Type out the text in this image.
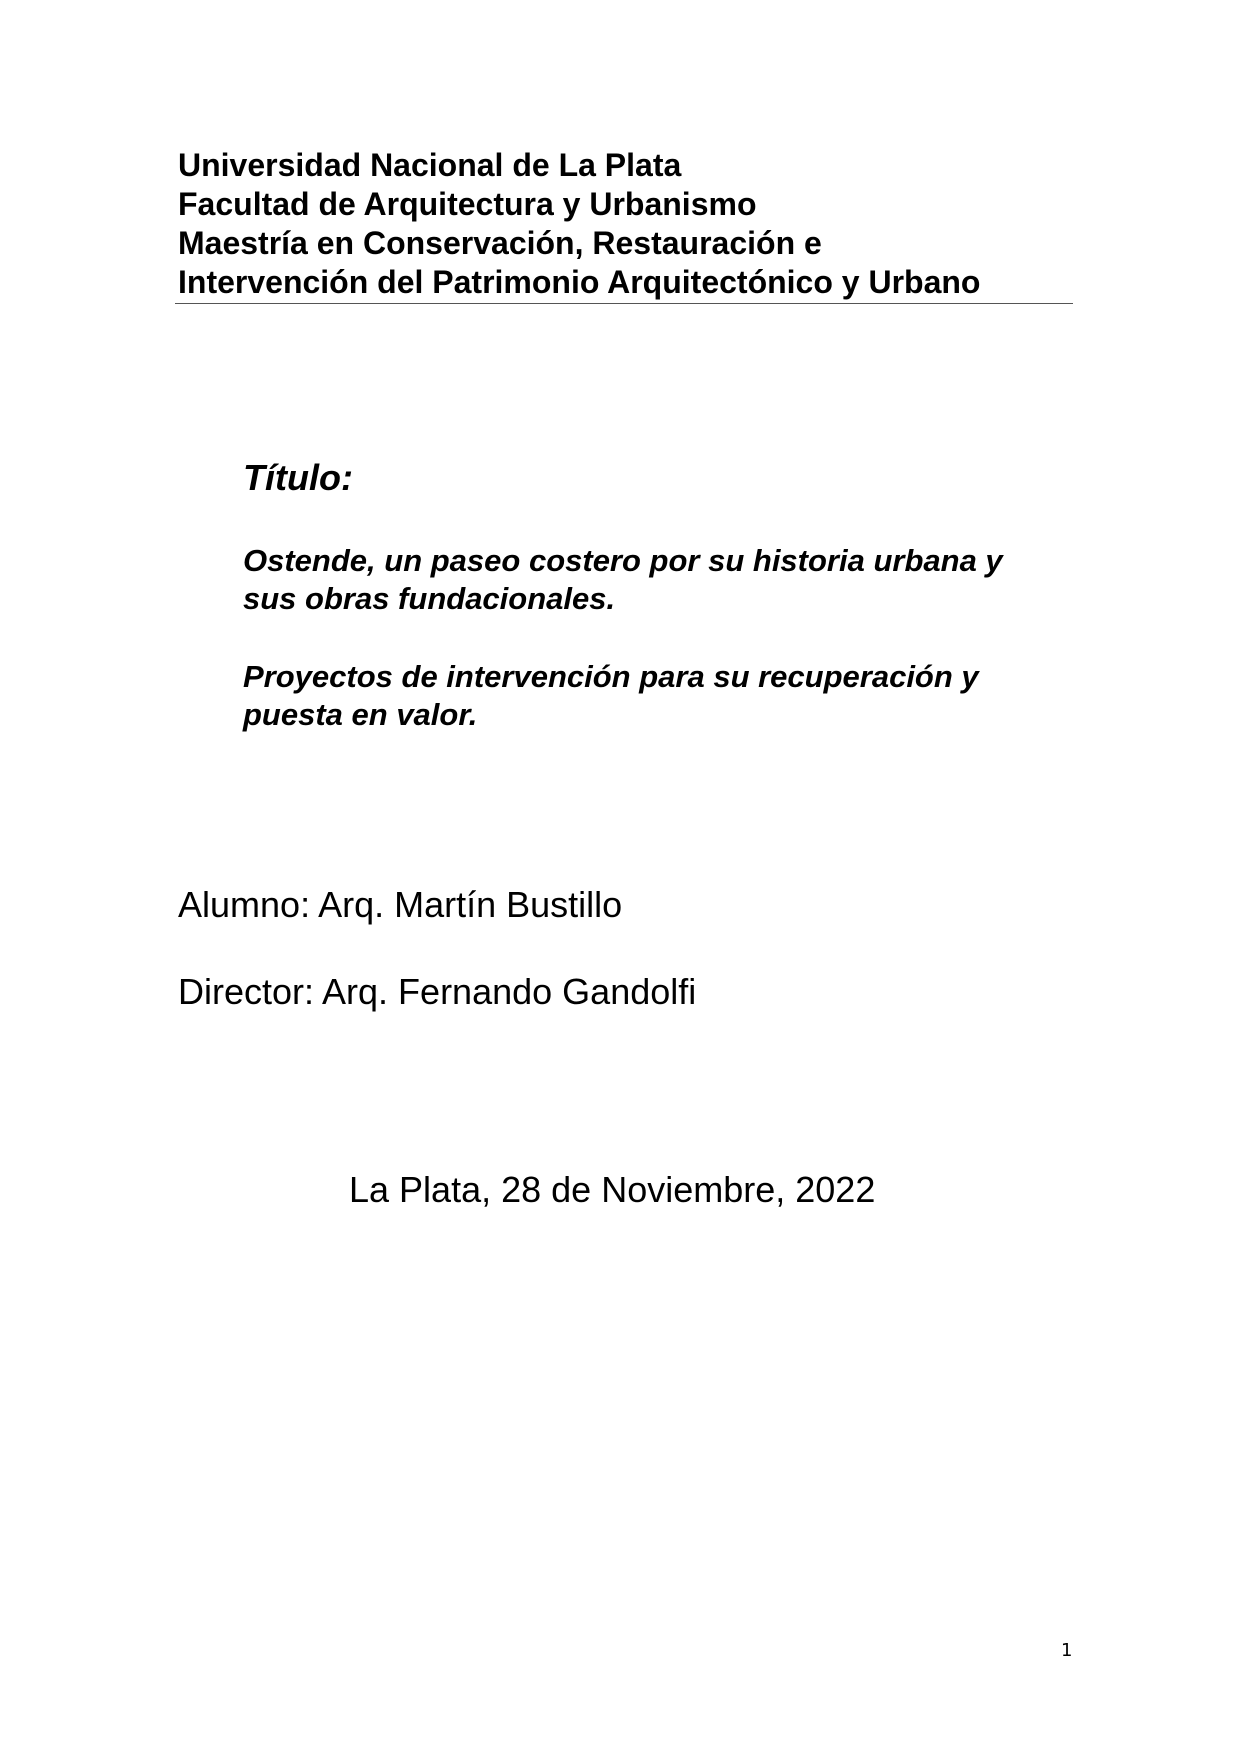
Universidad Nacional de La Plata
Facultad de Arquitectura y Urbanismo
Maestría en Conservación, Restauración e
Intervención del Patrimonio Arquitectónico y Urbano
Título:
Ostende, un paseo costero por su historia urbana y
sus obras fundacionales.
Proyectos de intervención para su recuperación y
puesta en valor.
Alumno: Arq. Martín Bustillo
Director: Arq. Fernando Gandolfi
La Plata, 28 de Noviembre, 2022
1
